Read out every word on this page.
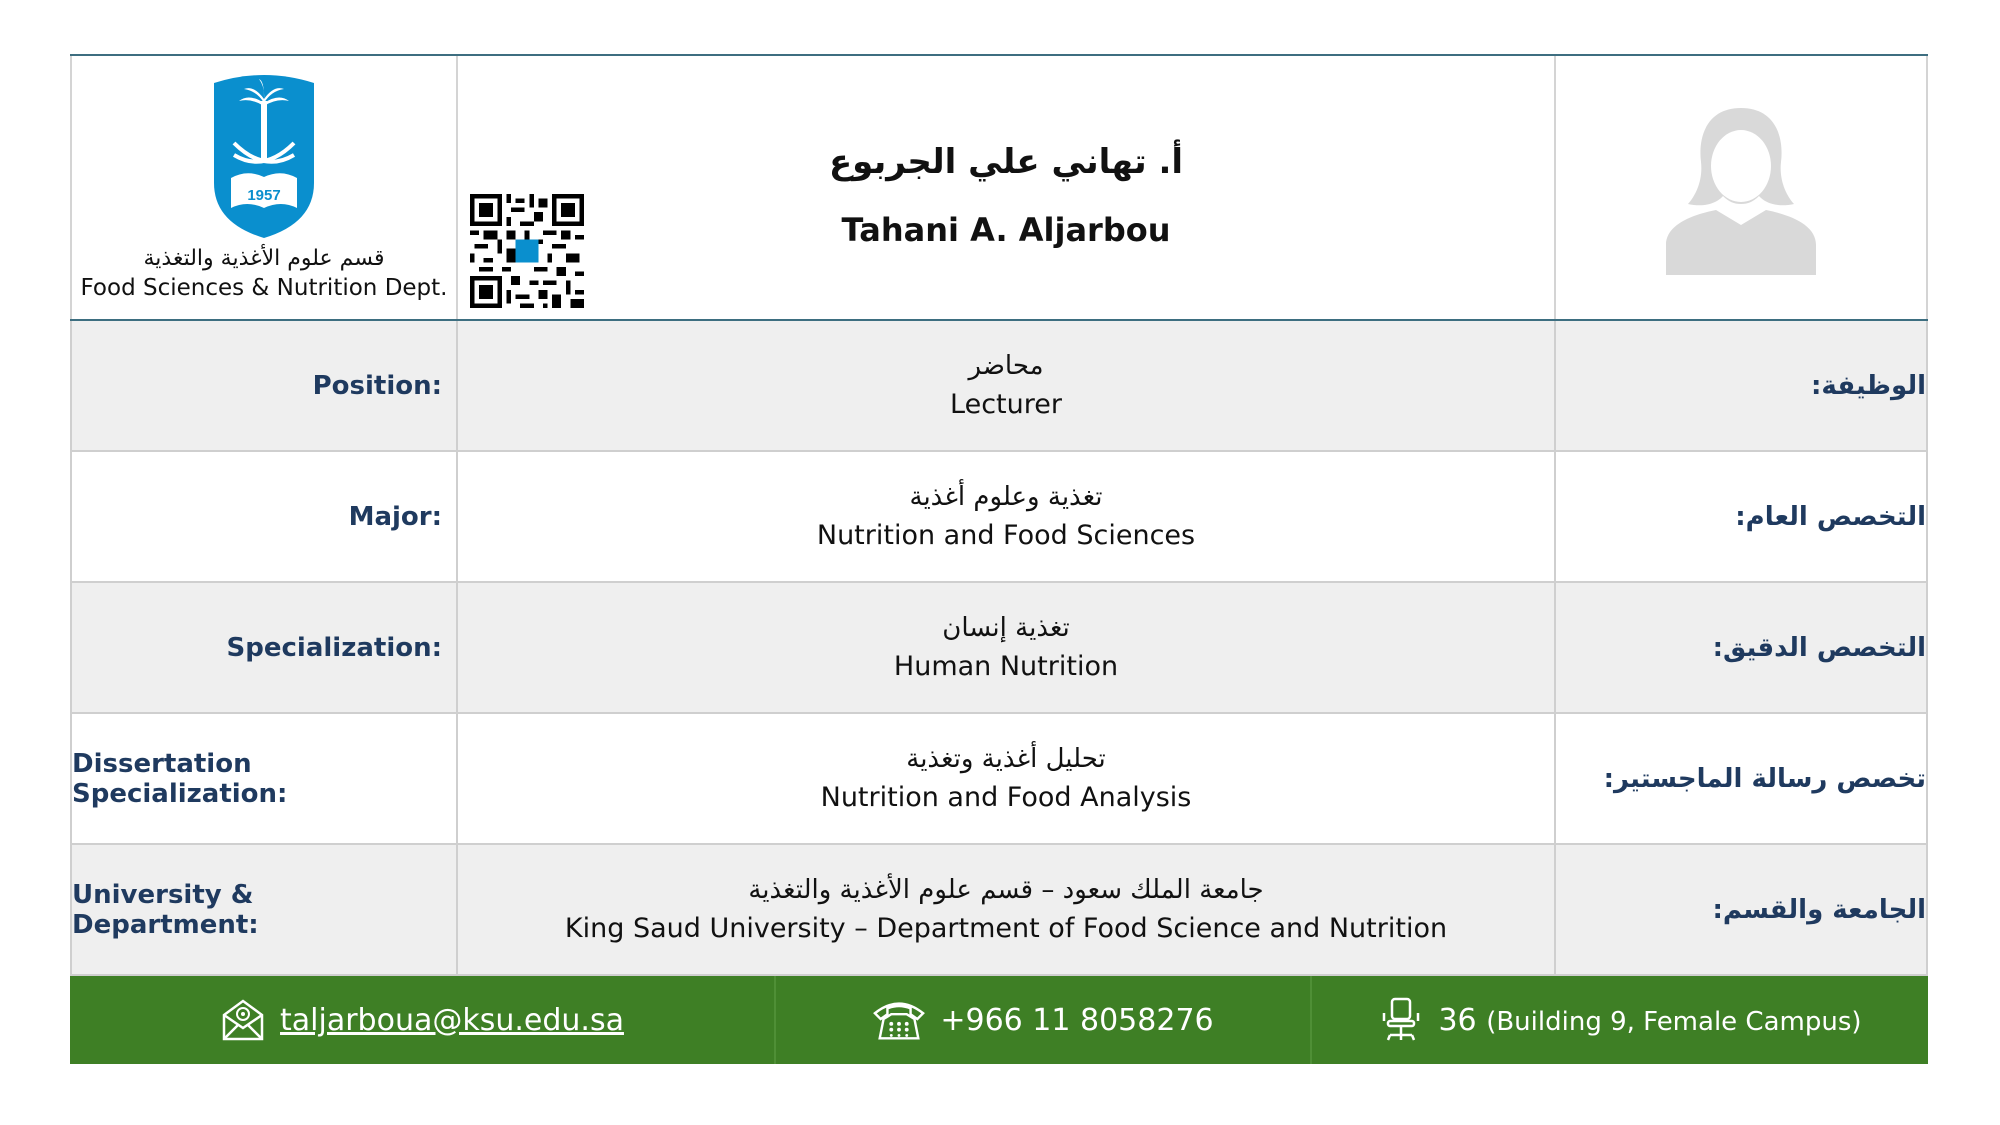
1957
قسم علوم الأغذية والتغذية
Food Sciences & Nutrition Dept.
أ. تهاني علي الجربوع
Tahani A. Aljarbou
Position:
محاضر
Lecturer
الوظيفة:
Major:
تغذية وعلوم أغذية
Nutrition and Food Sciences
التخصص العام:
Specialization:
تغذية إنسان
Human Nutrition
التخصص الدقيق:
Dissertation Specialization:
تحليل أغذية وتغذية
Nutrition and Food Analysis
تخصص رسالة الماجستير:
University & Department:
جامعة الملك سعود – قسم علوم الأغذية والتغذية
King Saud University – Department of Food Science and Nutrition
الجامعة والقسم:
taljarboua@ksu.edu.sa	+966 11 8058276	36 (Building 9, Female Campus)
